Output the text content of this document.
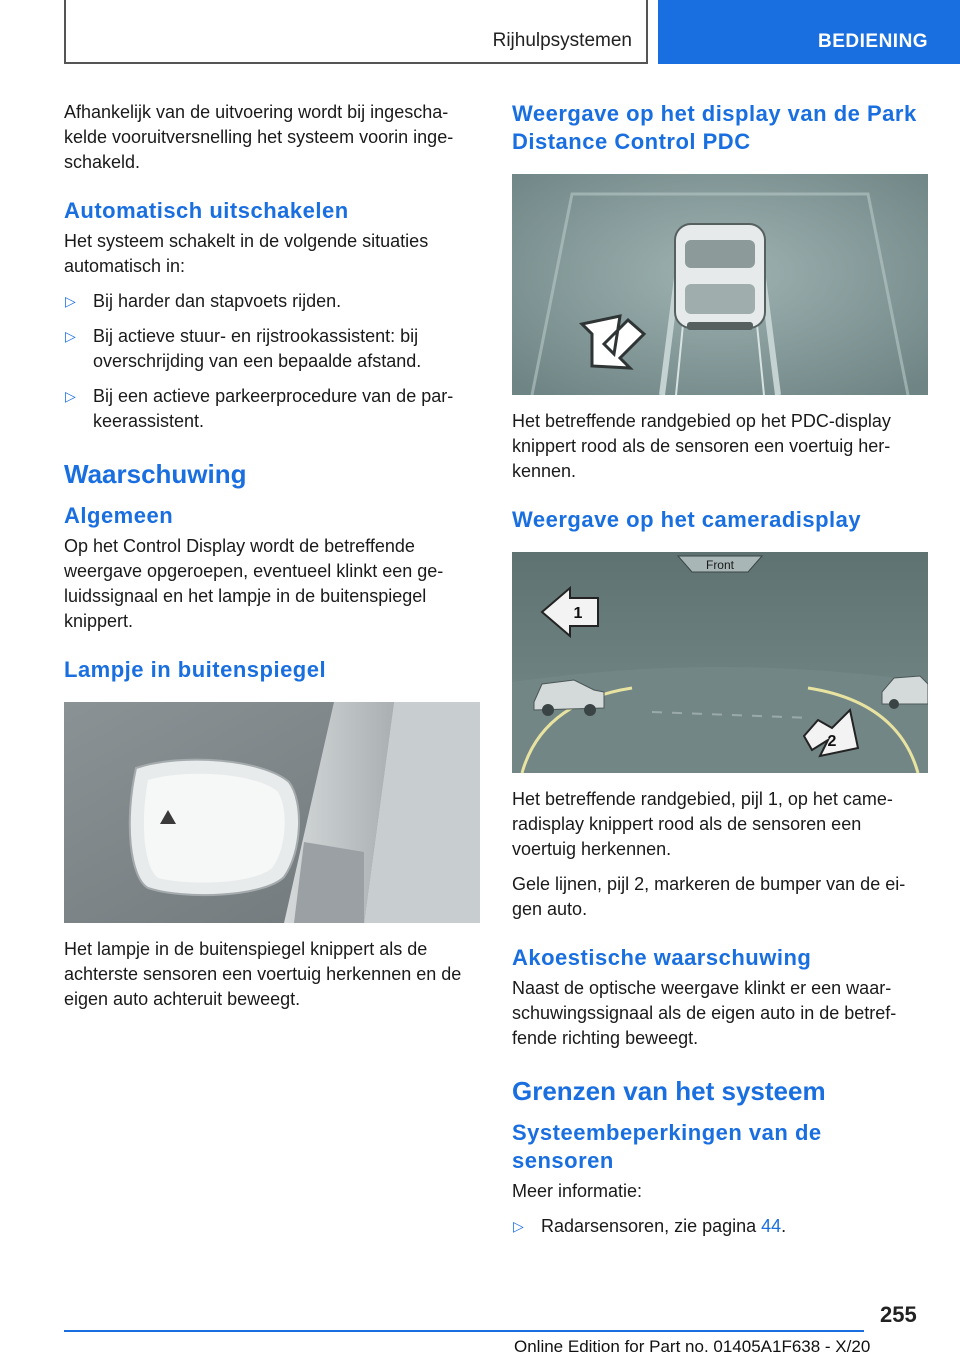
Rijhulpsystemen	BEDIENING

Afhankelijk van de uitvoering wordt bij ingescha-kelde vooruitversnelling het systeem voorin inge-schakeld.

Automatisch uitschakelen

Het systeem schakelt in de volgende situaties automatisch in:

▷ Bij harder dan stapvoets rijden.
▷ Bij actieve stuur- en rijstrookassistent: bij overschrijding van een bepaalde afstand.
▷ Bij een actieve parkeerprocedure van de par-keerassistent.
Waarschuwing
Algemeen

Op het Control Display wordt de betreffende weergave opgeroepen, eventueel klinkt een ge-luidssignaal en het lampje in de buitenspiegel knippert.

Lampje in buitenspiegel

Het lampje in de buitenspiegel knippert als de achterste sensoren een voertuig herkennen en de eigen auto achteruit beweegt.

Weergave op het display van de Park Distance Control PDC

Het betreffende randgebied op het PDC-display knippert rood als de sensoren een voertuig her-kennen.

Weergave op het cameradisplay
Front
1
2

Het betreffende randgebied, pijl 1, op het came-radisplay knippert rood als de sensoren een voertuig herkennen.

Gele lijnen, pijl 2, markeren de bumper van de ei-gen auto.

Akoestische waarschuwing

Naast de optische weergave klinkt er een waar-schuwingssignaal als de eigen auto in de betref-fende richting beweegt.

Grenzen van het systeem
Systeembeperkingen van de sensoren

Meer informatie:

▷ Radarsensoren, zie pagina 44.
255
Online Edition for Part no. 01405A1F638 - X/20
